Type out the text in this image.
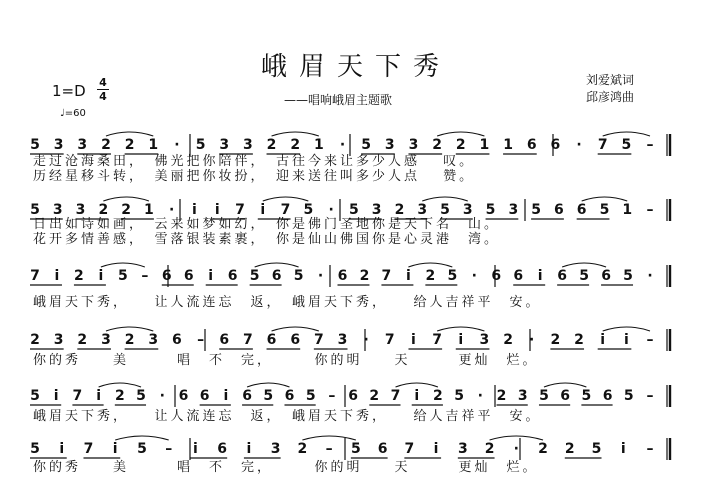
峨眉天下秀
——唱响峨眉主题歌
刘爱斌词
邱彦鸿曲
1=D 4
4
♩=60
5 3 3 2 2 1 · 5 3 3 2 2 1 · 5 3 3 2 2 1 1 6 6 · 7 5 –
走过沧海桑田，　佛光把你陪伴，　古往今来让多少人感　 叹。
历经星移斗转，　美丽把你妆扮，　迎来送往叫多少人点　 赞。
5 3 3 2 2 1 · i i 7 i 7 5 · 5 3 2 3 5 3 5 3 5 6 6 5 1 –
日出如诗如画，　云来如梦如幻，　你是佛门圣地你是天下名　山。
花开多情善感，　雪落银装素裹，　你是仙山佛国你是心灵港　湾。
7 i 2 i 5 – 6 6 i 6 5 6 5 · 6 2 7 i 2 5 · 6 6 i 6 5 6 5 ·
峨眉天下秀，　　让人流连忘　返，　峨眉天下秀，　　给人吉祥平　安。
2 3 2 3 2 3 6 – 6 7 6 6 7 3 · 7 i 7 i 3 2 · 2 2 i i –
你的秀　　美　　　唱　不　完，　　　你的明　　天　　　更灿　烂。
5 i 7 i 2 5 · 6 6 i 6 5 6 5 – 6 2 7 i 2 5 · 2 3 5 6 5 6 5 –
峨眉天下秀，　　让人流连忘　返，　峨眉天下秀，　　给人吉祥平　安。
5 i 7 i 5 – i 6 i 3 2 – 5 6 7 i 3 2 · 2 2 5 i –
你的秀　　美　　　唱　不　完，　　　你的明　　天　　　更灿　烂。
